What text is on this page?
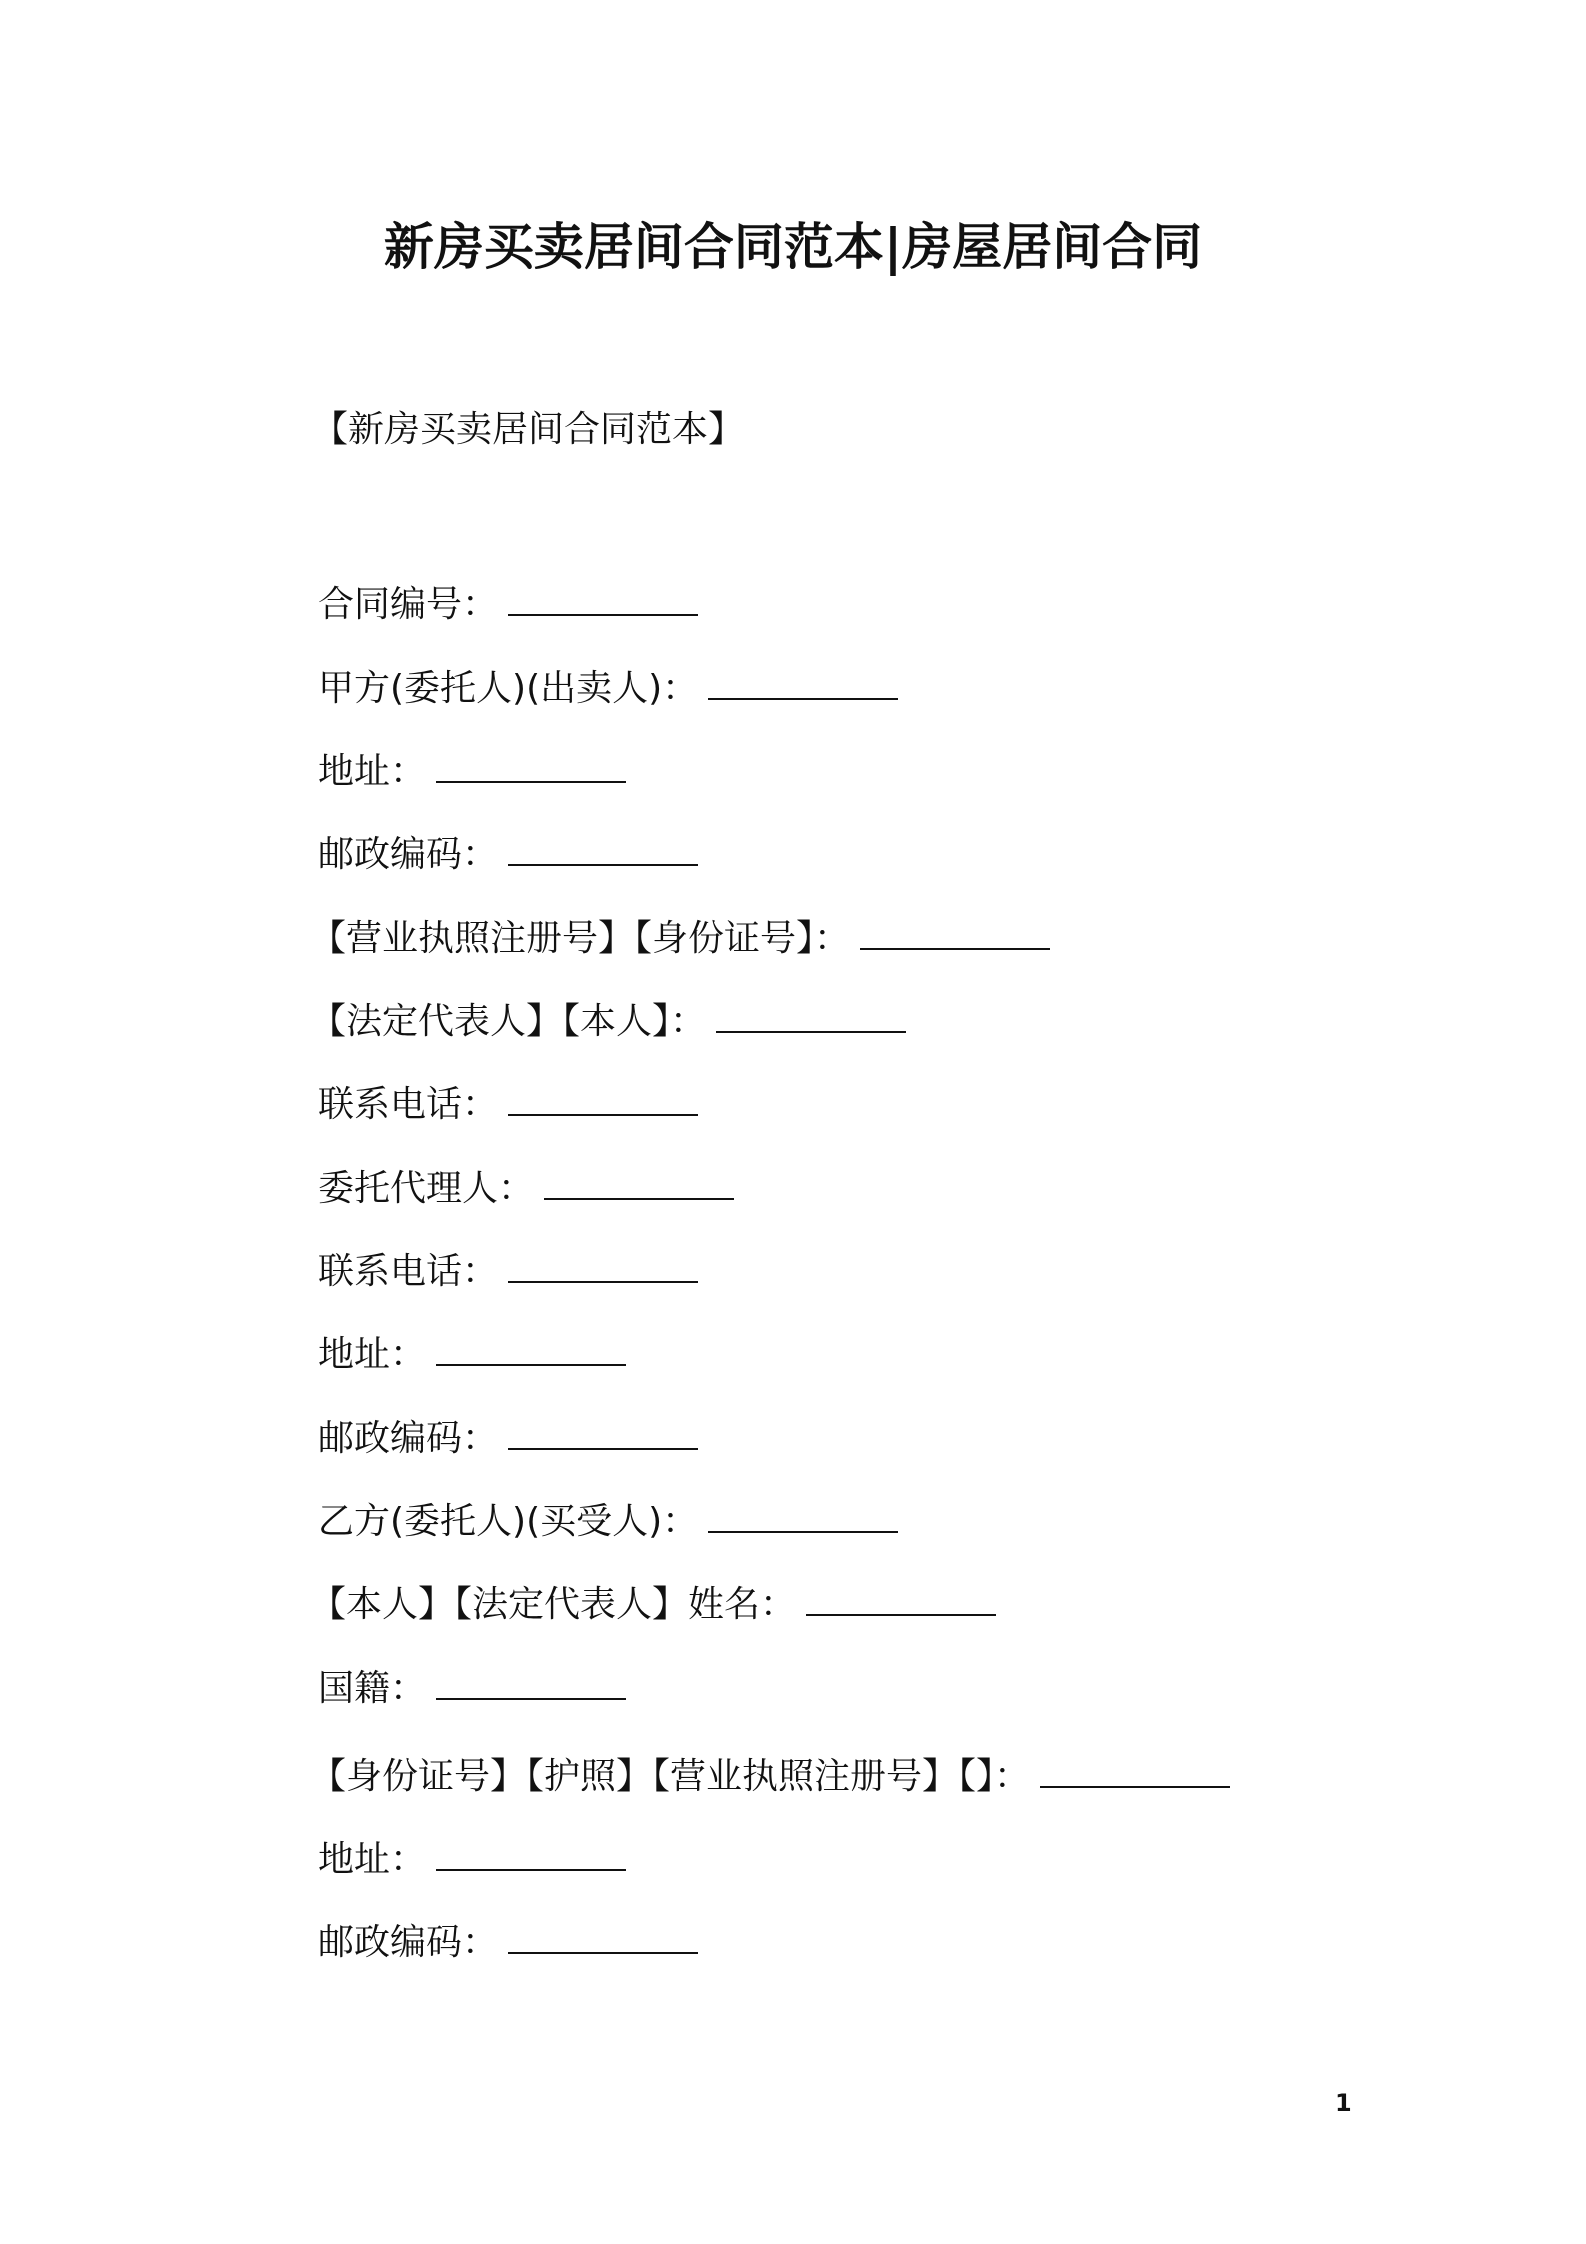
新房买卖居间合同范本|房屋居间合同

【新房买卖居间合同范本】

合同编号：
甲方(委托人)(出卖人)：
地址：
邮政编码：
【营业执照注册号】【身份证号】：
【法定代表人】【本人】：
联系电话：
委托代理人：
联系电话：
地址：
邮政编码：
乙方(委托人)(买受人)：
【本人】【法定代表人】姓名：
国籍：
【身份证号】【护照】【营业执照注册号】【】：
地址：
邮政编码：
1
